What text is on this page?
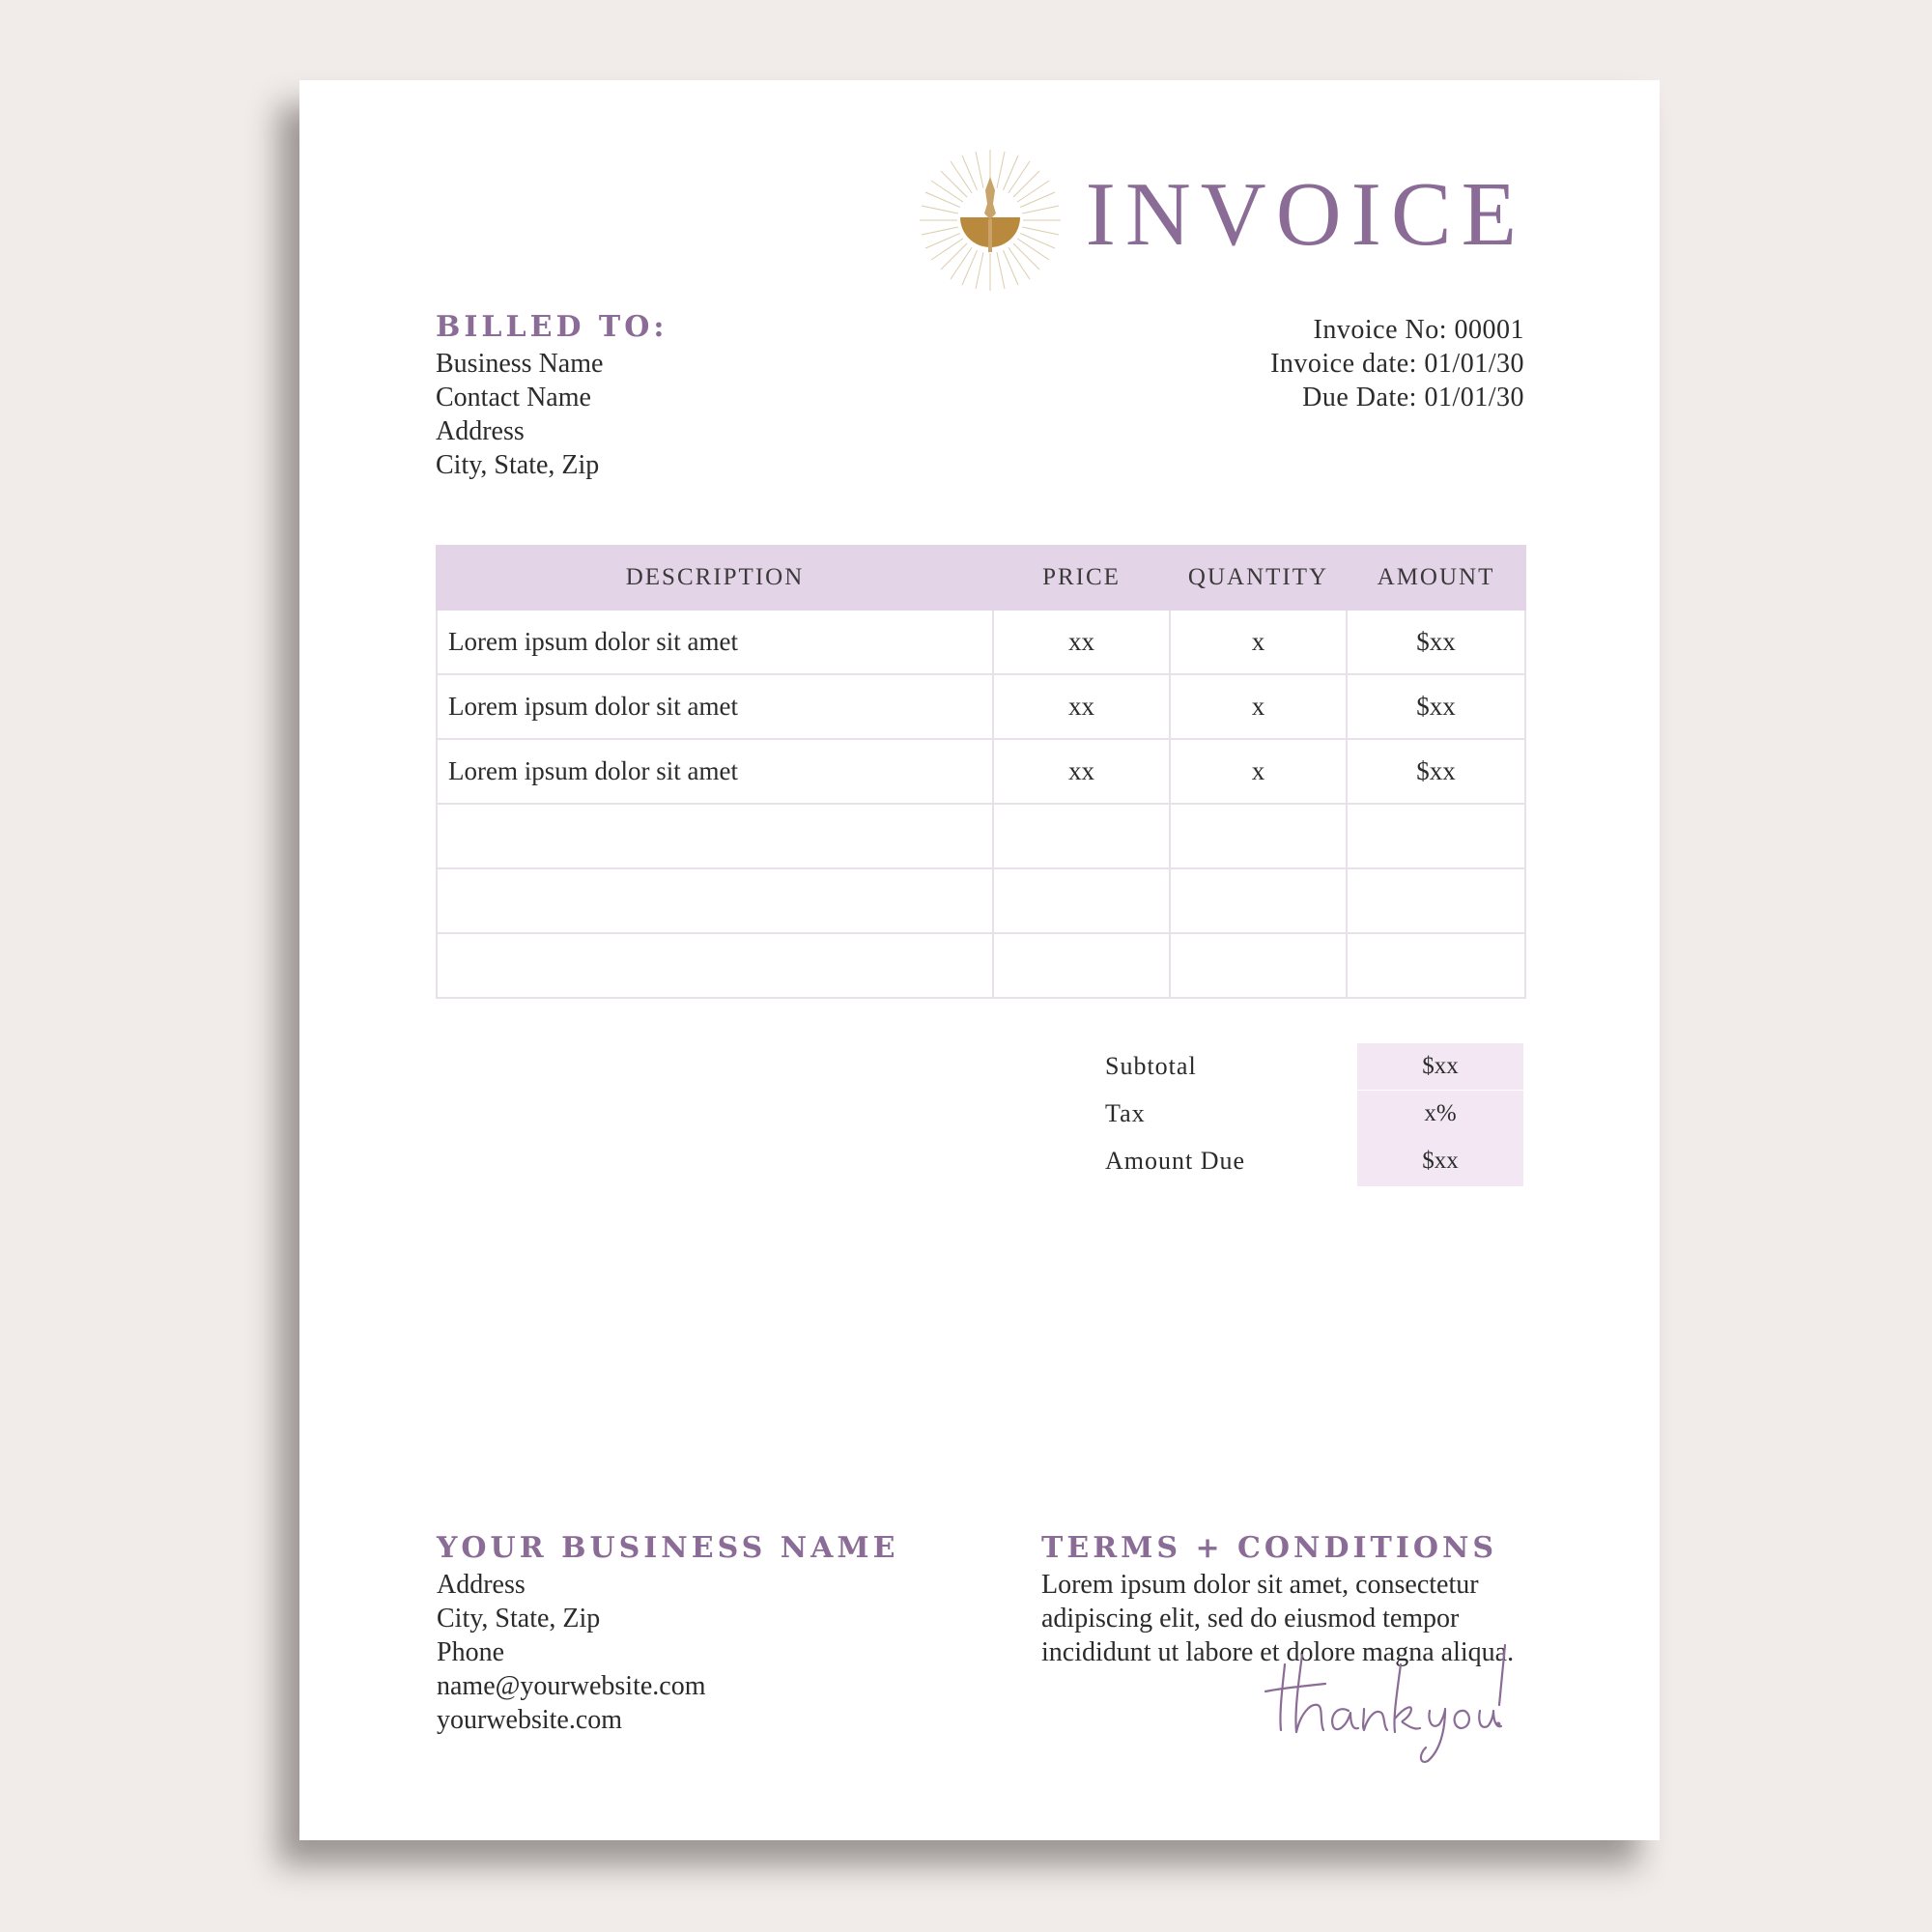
INVOICE
BILLED TO:
Business Name
Contact Name
Address
City, State, Zip
Invoice No: 00001
Invoice date: 01/01/30
Due Date: 01/01/30
DESCRIPTION	PRICE	QUANTITY	AMOUNT
Lorem ipsum dolor sit amet	xx	x	$xx
Lorem ipsum dolor sit amet	xx	x	$xx
Lorem ipsum dolor sit amet	xx	x	$xx

Subtotal	$xx
Tax	x%
Amount Due	$xx
YOUR BUSINESS NAME
Address
City, State, Zip
Phone
name@yourwebsite.com
yourwebsite.com
TERMS + CONDITIONS
Lorem ipsum dolor sit amet, consectetur
adipiscing elit, sed do eiusmod tempor
incididunt ut labore et dolore magna aliqua.
